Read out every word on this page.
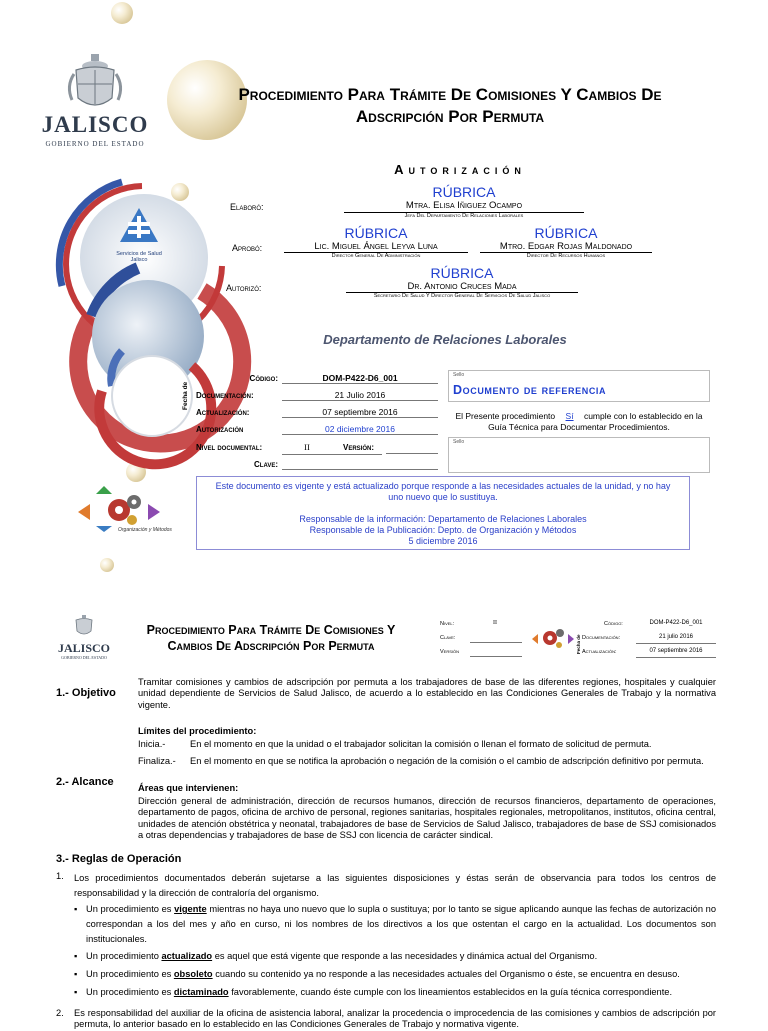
JALISCO
GOBIERNO DEL ESTADO
Procedimiento Para Trámite De Comisiones Y Cambios De
Adscripción Por Permuta
Autorización
Servicios de Salud Jalisco
Elaboró:
RÚBRICA
Mtra. Elisa Iñiguez Ocampo
Jefa Del Departamento De Relaciones Laborales
Aprobó:
RÚBRICA
Lic. Miguel Ángel Leyva Luna
Director General De Administración
RÚBRICA
Mtro. Edgar Rojas Maldonado
Director De Recursos Humanos
Autorizó:
RÚBRICA
Dr. Antonio Cruces Mada
Secretario De Salud Y Director General De Servicios De Salud Jalisco
Departamento de Relaciones Laborales
Código:	DOM-P422-D6_001
Fecha de Documentación:	21 Julio 2016
Actualización:	07 septiembre 2016
Autorización	02 diciembre 2016
Nivel documental:	II	Versión:
Clave:
Sello
Documento de referencia
El Presente procedimiento Sí cumple con lo establecido en la Guía Técnica para Documentar Procedimientos.
Sello
Este documento es vigente y está actualizado porque responde a las necesidades actuales de la unidad, y no hay uno nuevo que lo sustituya.
Responsable de la información: Departamento de Relaciones Laborales
Responsable de la Publicación: Depto. de Organización y Métodos
5 diciembre 2016
Organización y Métodos
JALISCO
GOBIERNO DEL ESTADO
Procedimiento Para Trámite De Comisiones Y
Cambios De Adscripción Por Permuta
Nivel:	II
Clave:
Versión
Código:	DOM-P422-D6_001
Fecha de Documentación:	21 julio 2016
Actualización:	07 septiembre 2016
1.- Objetivo
Tramitar comisiones y cambios de adscripción por permuta a los trabajadores de base de las diferentes regiones, hospitales y cualquier unidad dependiente de Servicios de Salud Jalisco, de acuerdo a lo establecido en las Condiciones Generales de Trabajo y la normativa vigente.
Límites del procedimiento:
Inicia.-	En el momento en que la unidad o el trabajador solicitan la comisión o llenan el formato de solicitud de permuta.
2.- Alcance
Finaliza.- En el momento en que se notifica la aprobación o negación de la comisión o el cambio de adscripción definitivo por permuta.
Áreas que intervienen:
Dirección general de administración, dirección de recursos humanos, dirección de recursos financieros, departamento de operaciones, departamento de pagos, oficina de archivo de personal, regiones sanitarias, hospitales regionales, metropolitanos, institutos, oficina central, unidades de atención obstétrica y neonatal, trabajadores de base de Servicios de Salud Jalisco, trabajadores de base de SSJ comisionados a otras dependencias y trabajadores de base de SSJ con licencia de carácter sindical.
3.- Reglas de Operación
1. Los procedimientos documentados deberán sujetarse a las siguientes disposiciones y éstas serán de observancia para todos los centros de responsabilidad y la dirección de contraloría del organismo.
▪ Un procedimiento es vigente mientras no haya uno nuevo que lo supla o sustituya; por lo tanto se sigue aplicando aunque las fechas de autorización no correspondan a los del mes y año en curso, ni los nombres de los directivos a los que ostentan el cargo en la actualidad. Los documentos son institucionales.
▪ Un procedimiento actualizado es aquel que está vigente que responde a las necesidades y dinámica actual del Organismo.
▪ Un procedimiento es obsoleto cuando su contenido ya no responde a las necesidades actuales del Organismo o éste, se encuentra en desuso.
▪ Un procedimiento es dictaminado favorablemente, cuando éste cumple con los lineamientos establecidos en la guía técnica correspondiente.
2. Es responsabilidad del auxiliar de la oficina de asistencia laboral, analizar la procedencia o improcedencia de las comisiones y cambios de adscripción por permuta, lo anterior basado en lo establecido en las Condiciones Generales de Trabajo y normativa vigente.
